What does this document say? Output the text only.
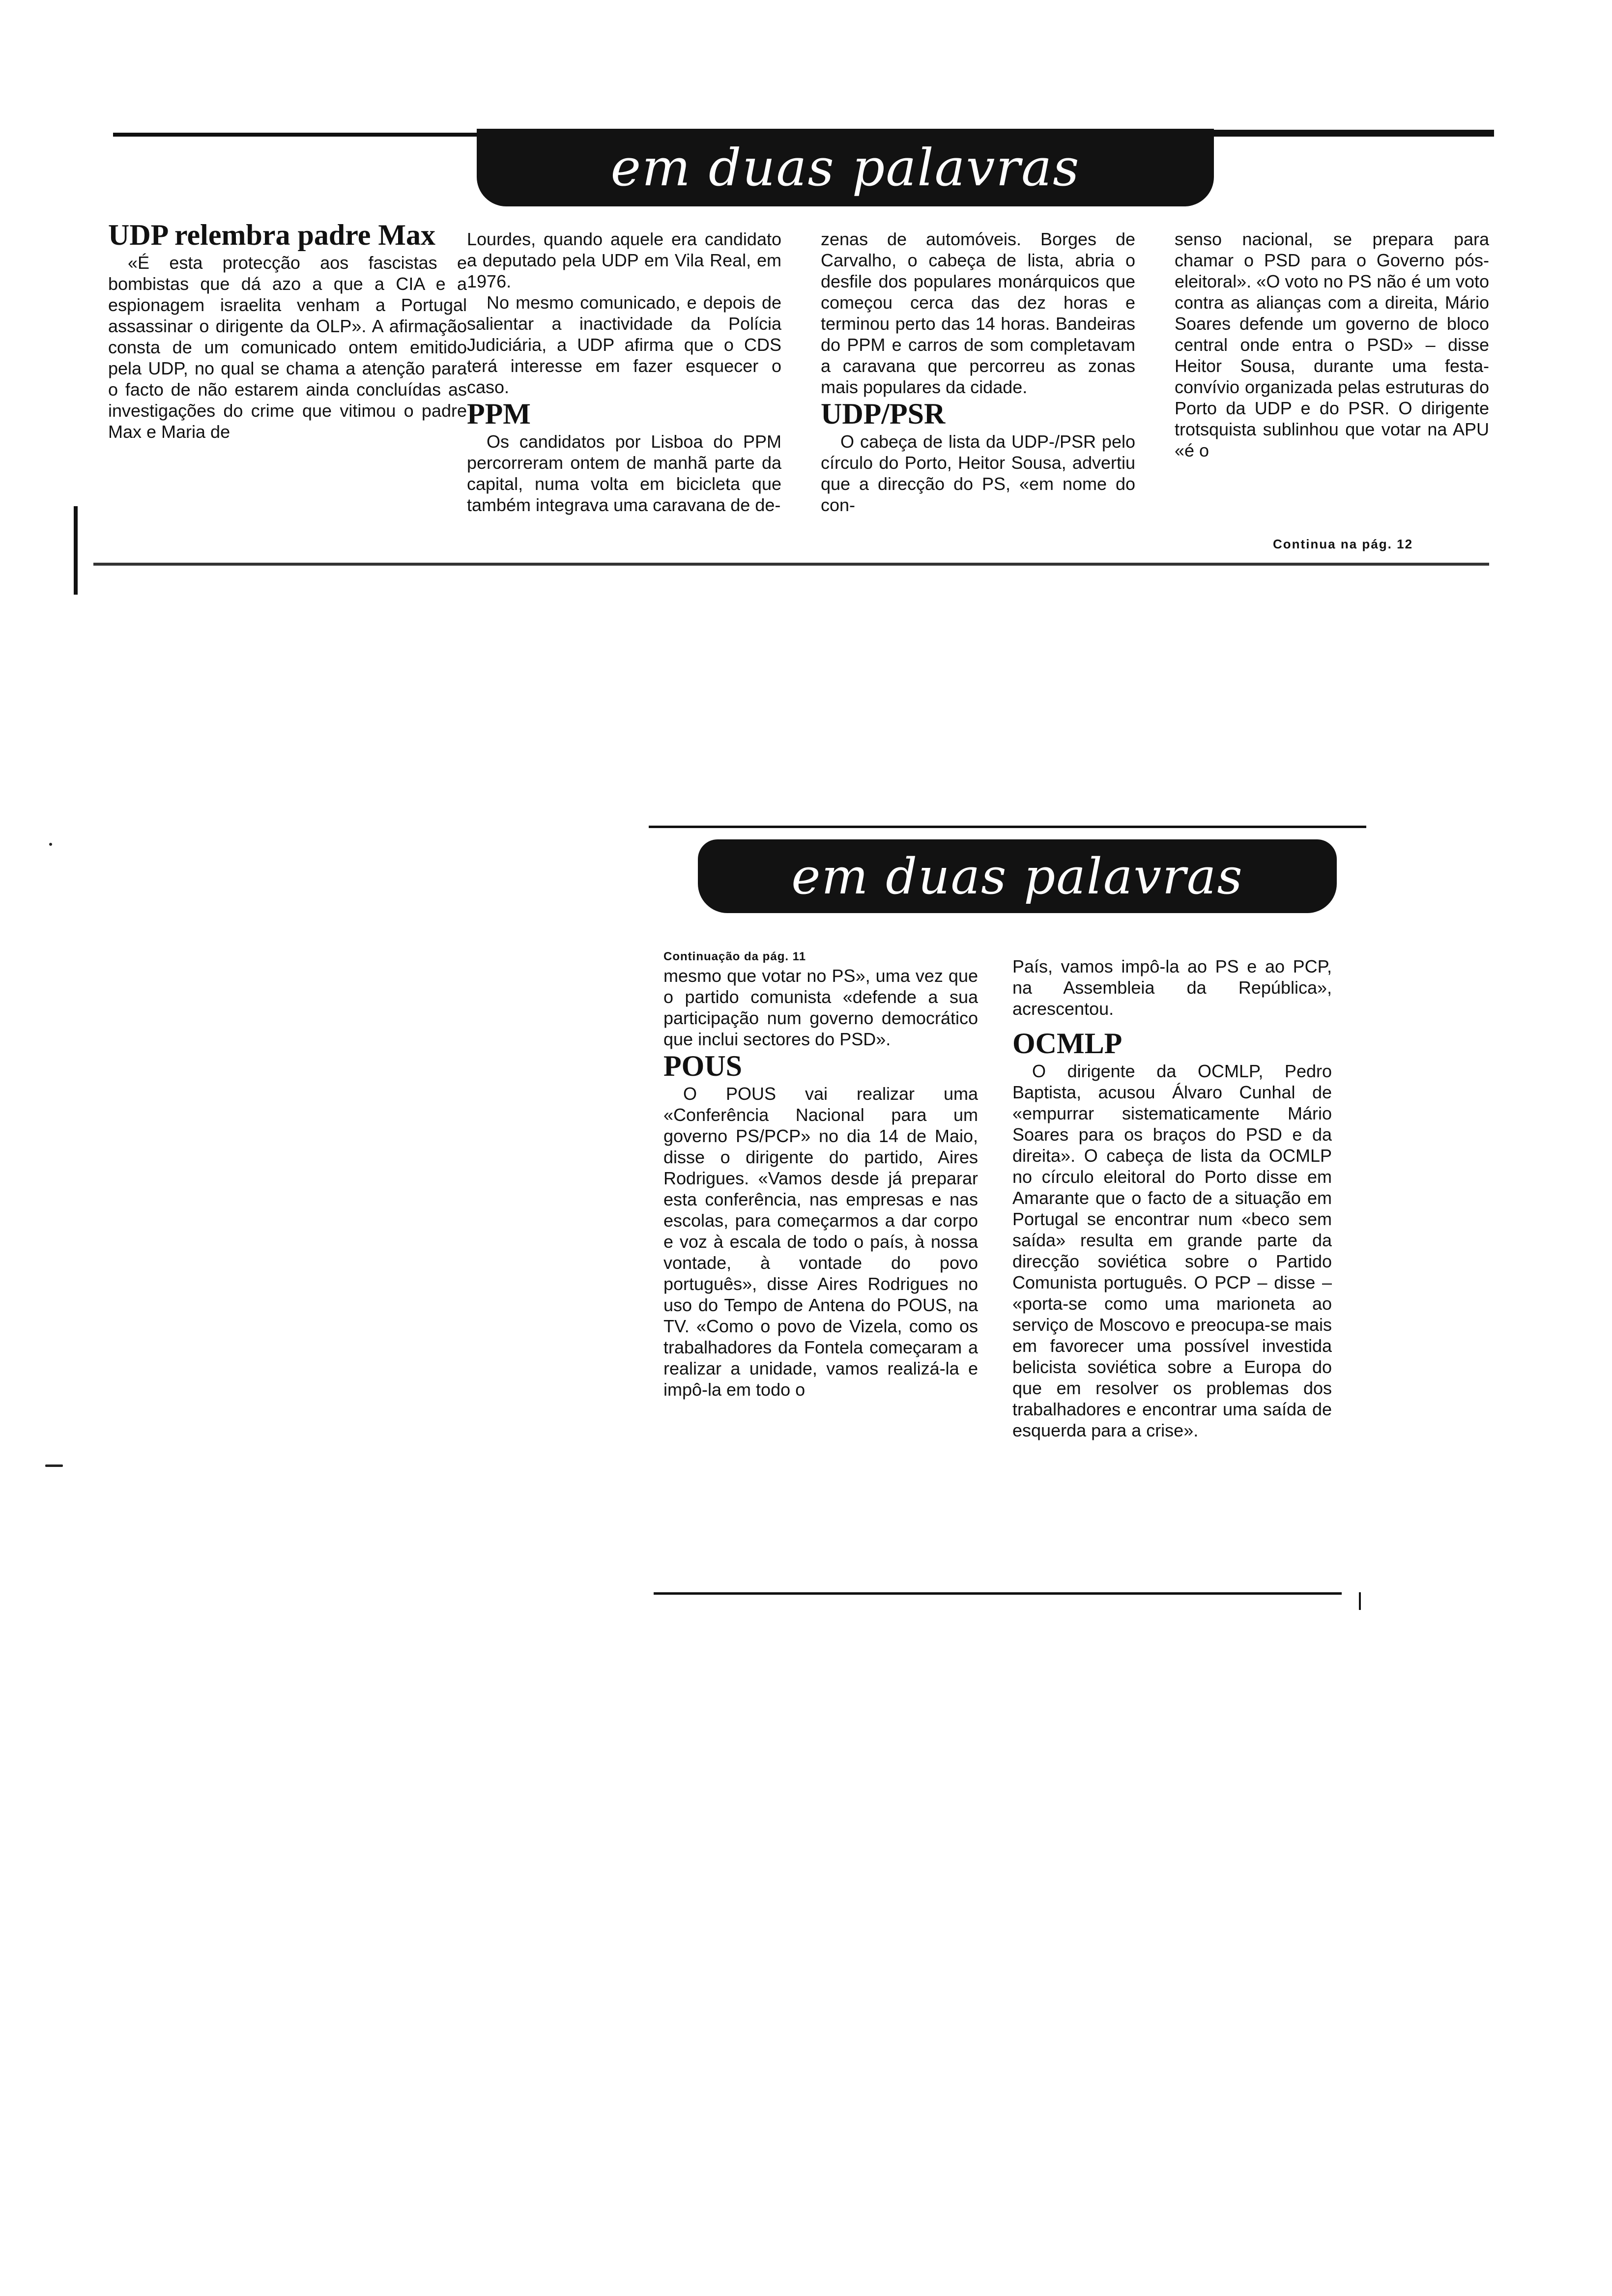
em duas palavras
UDP relembra padre Max

«É esta protecção aos fascistas e bombistas que dá azo a que a CIA e a espionagem israelita venham a Portugal assassinar o dirigente da OLP». A afirmação consta de um comunicado ontem emitido pela UDP, no qual se chama a atenção para o facto de não estarem ainda concluídas as investigações do crime que vitimou o padre Max e Maria de

Lourdes, quando aquele era candidato a deputado pela UDP em Vila Real, em 1976.

No mesmo comunicado, e depois de salientar a inactividade da Polícia Judiciária, a UDP afirma que o CDS terá interesse em fazer esquecer o caso.

PPM

Os candidatos por Lisboa do PPM percorreram ontem de manhã parte da capital, numa volta em bicicleta que também integrava uma caravana de de-

zenas de automóveis. Borges de Carvalho, o cabeça de lista, abria o desfile dos populares monárquicos que começou cerca das dez horas e terminou perto das 14 horas. Bandeiras do PPM e carros de som completavam a caravana que percorreu as zonas mais populares da cidade.

UDP/PSR

O cabeça de lista da UDP-/PSR pelo círculo do Porto, Heitor Sousa, advertiu que a direcção do PS, «em nome do con-

senso nacional, se prepara para chamar o PSD para o Governo pós-eleitoral». «O voto no PS não é um voto contra as alianças com a direita, Mário Soares defende um governo de bloco central onde entra o PSD» – disse Heitor Sousa, durante uma festa-convívio organizada pelas estruturas do Porto da UDP e do PSR. O dirigente trotsquista sublinhou que votar na APU «é o

Continua na pág. 12
em duas palavras
Continuação da pág. 11

mesmo que votar no PS», uma vez que o partido comunista «defende a sua participação num governo democrático que inclui sectores do PSD».

POUS

O POUS vai realizar uma «Conferência Nacional para um governo PS/PCP» no dia 14 de Maio, disse o dirigente do partido, Aires Rodrigues. «Vamos desde já preparar esta conferência, nas empresas e nas escolas, para começarmos a dar corpo e voz à escala de todo o país, à nossa vontade, à vontade do povo português», disse Aires Rodrigues no uso do Tempo de Antena do POUS, na TV. «Como o povo de Vizela, como os trabalhadores da Fontela começaram a realizar a unidade, vamos realizá-la e impô-la em todo o

País, vamos impô-la ao PS e ao PCP, na Assembleia da República», acrescentou.

OCMLP

O dirigente da OCMLP, Pedro Baptista, acusou Álvaro Cunhal de «empurrar sistematicamente Mário Soares para os braços do PSD e da direita». O cabeça de lista da OCMLP no círculo eleitoral do Porto disse em Amarante que o facto de a situação em Portugal se encontrar num «beco sem saída» resulta em grande parte da direcção soviética sobre o Partido Comunista português. O PCP – disse – «porta-se como uma marioneta ao serviço de Moscovo e preocupa-se mais em favorecer uma possível investida belicista soviética sobre a Europa do que em resolver os problemas dos trabalhadores e encontrar uma saída de esquerda para a crise».
